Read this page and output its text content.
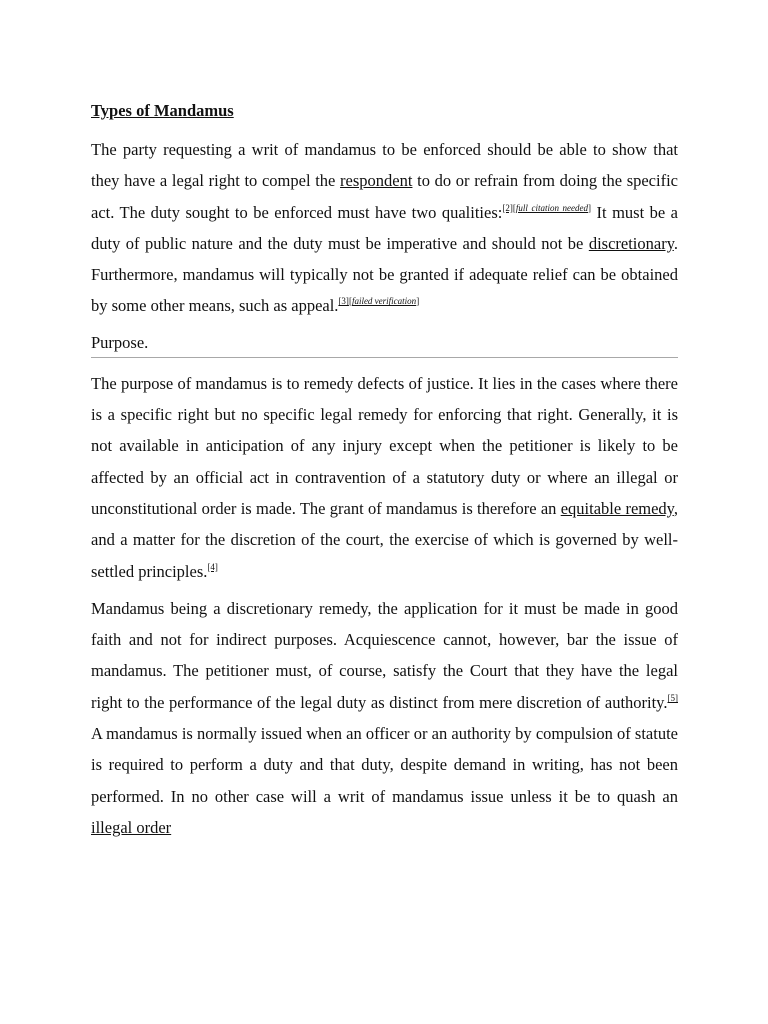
Types of Mandamus

The party requesting a writ of mandamus to be enforced should be able to show that they have a legal right to compel the respondent to do or refrain from doing the specific act. The duty sought to be enforced must have two qualities:[2][full citation needed] It must be a duty of public nature and the duty must be imperative and should not be discretionary. Furthermore, mandamus will typically not be granted if adequate relief can be obtained by some other means, such as appeal.[3][failed verification]

Purpose.

The purpose of mandamus is to remedy defects of justice. It lies in the cases where there is a specific right but no specific legal remedy for enforcing that right. Generally, it is not available in anticipation of any injury except when the petitioner is likely to be affected by an official act in contravention of a statutory duty or where an illegal or unconstitutional order is made. The grant of mandamus is therefore an equitable remedy, and a matter for the discretion of the court, the exercise of which is governed by well-settled principles.[4]

Mandamus being a discretionary remedy, the application for it must be made in good faith and not for indirect purposes. Acquiescence cannot, however, bar the issue of mandamus. The petitioner must, of course, satisfy the Court that they have the legal right to the performance of the legal duty as distinct from mere discretion of authority.[5] A mandamus is normally issued when an officer or an authority by compulsion of statute is required to perform a duty and that duty, despite demand in writing, has not been performed. In no other case will a writ of mandamus issue unless it be to quash an illegal order
